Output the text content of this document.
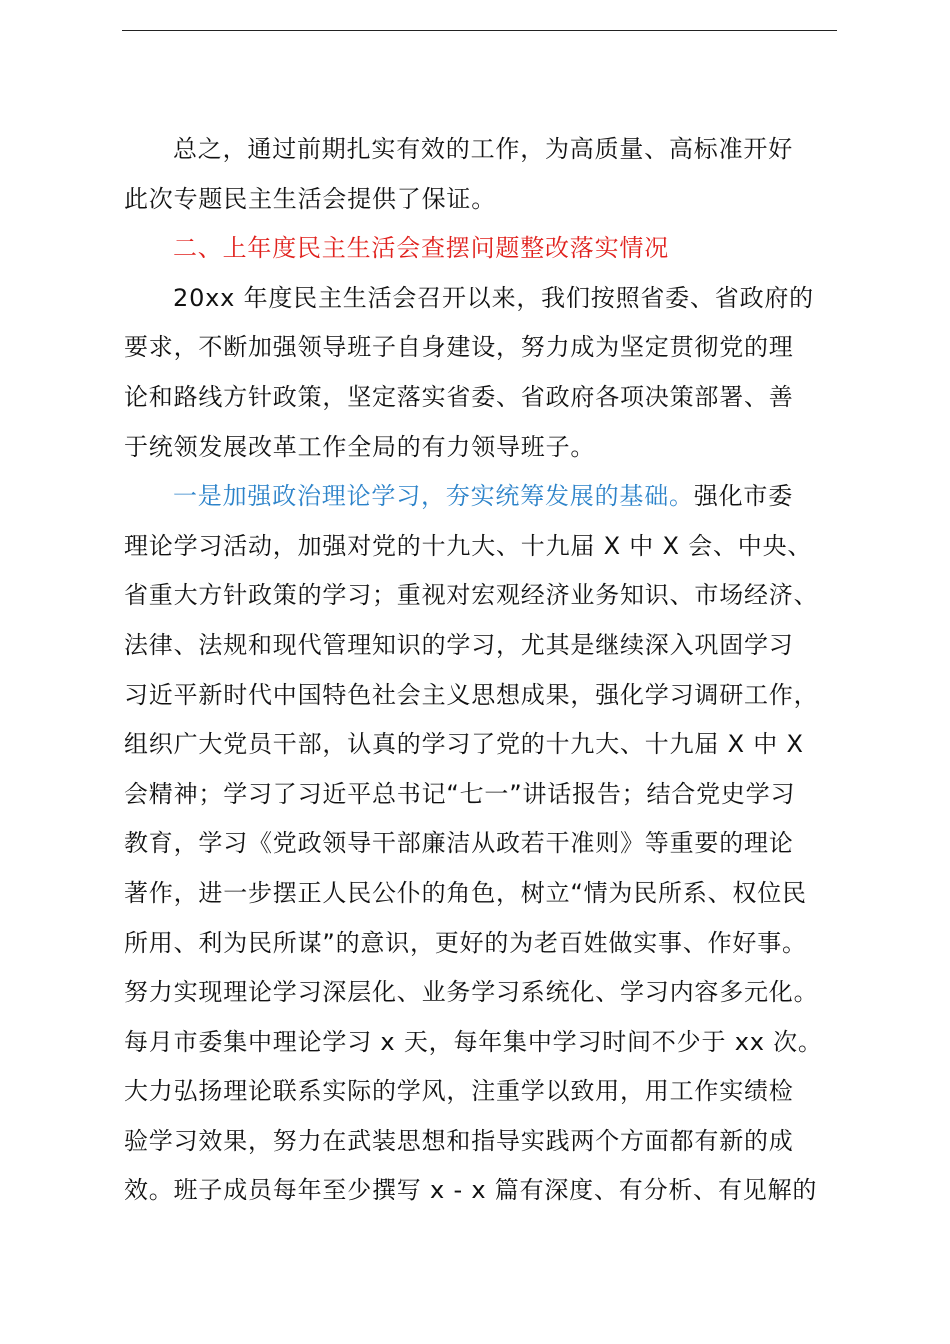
总之，通过前期扎实有效的工作，为高质量、高标准开好
此次专题民主生活会提供了保证。
二、上年度民主生活会查摆问题整改落实情况
20xx 年度民主生活会召开以来，我们按照省委、省政府的
要求，不断加强领导班子自身建设，努力成为坚定贯彻党的理
论和路线方针政策，坚定落实省委、省政府各项决策部署、善
于统领发展改革工作全局的有力领导班子。
一是加强政治理论学习，夯实统筹发展的基础。强化市委
理论学习活动，加强对党的十九大、十九届 X 中 X 会、中央、
省重大方针政策的学习；重视对宏观经济业务知识、市场经济、
法律、法规和现代管理知识的学习，尤其是继续深入巩固学习
习近平新时代中国特色社会主义思想成果，强化学习调研工作，
组织广大党员干部，认真的学习了党的十九大、十九届 X 中 X
会精神；学习了习近平总书记“七一”讲话报告；结合党史学习
教育，学习《党政领导干部廉洁从政若干准则》等重要的理论
著作，进一步摆正人民公仆的角色，树立“情为民所系、权位民
所用、利为民所谋”的意识，更好的为老百姓做实事、作好事。
努力实现理论学习深层化、业务学习系统化、学习内容多元化。
每月市委集中理论学习 x 天，每年集中学习时间不少于 xx 次。
大力弘扬理论联系实际的学风，注重学以致用，用工作实绩检
验学习效果，努力在武装思想和指导实践两个方面都有新的成
效。班子成员每年至少撰写 x - x 篇有深度、有分析、有见解的
